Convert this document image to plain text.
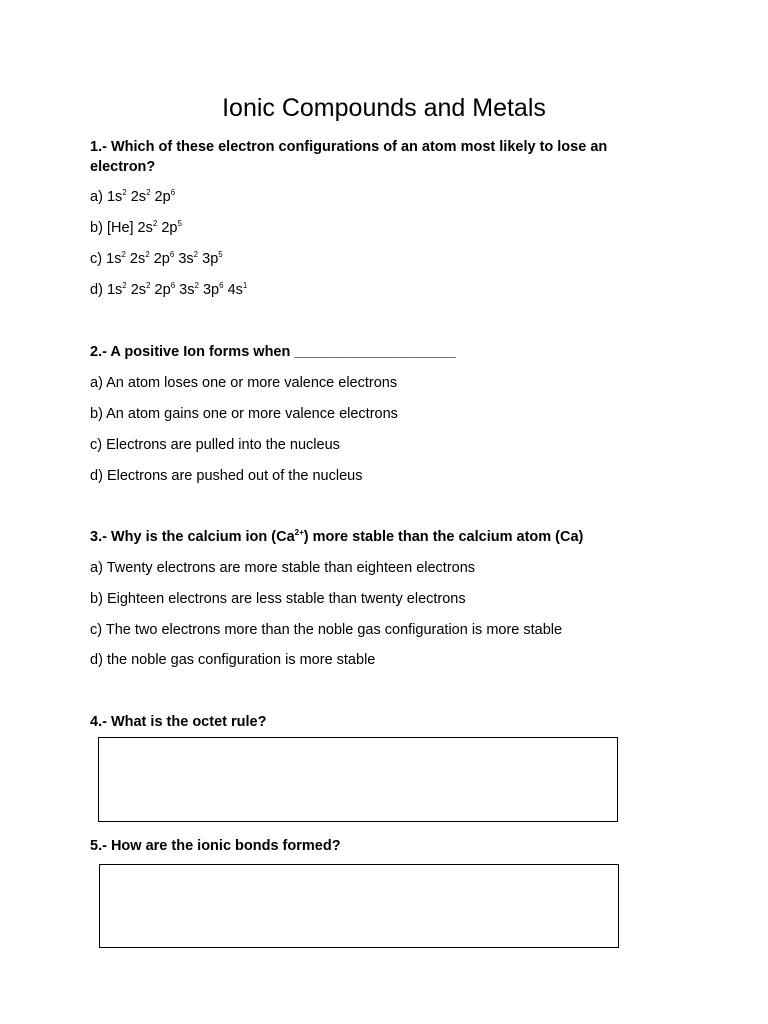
Ionic Compounds and Metals

1.- Which of these electron configurations of an atom most likely to lose an electron?

a) $1s^2$ $2s^2$ $2p^6$

b) [He] $2s^2$ $2p^5$

c) $1s^2$ $2s^2$ $2p^6$ $3s^2$ $3p^5$

d) $1s^2$ $2s^2$ $2p^6$ $3s^2$ $3p^6$ $4s^1$

2.- A positive Ion forms when ____________________

a) An atom loses one or more valence electrons

b) An atom gains one or more valence electrons

c) Electrons are pulled into the nucleus

d) Electrons are pushed out of the nucleus

3.- Why is the calcium ion $(Ca^{2+})$ more stable than the calcium atom (Ca)

a) Twenty electrons are more stable than eighteen electrons

b) Eighteen electrons are less stable than twenty electrons

c) The two electrons more than the noble gas configuration is more stable

d) the noble gas configuration is more stable

4.- What is the octet rule?

5.- How are the ionic bonds formed?
